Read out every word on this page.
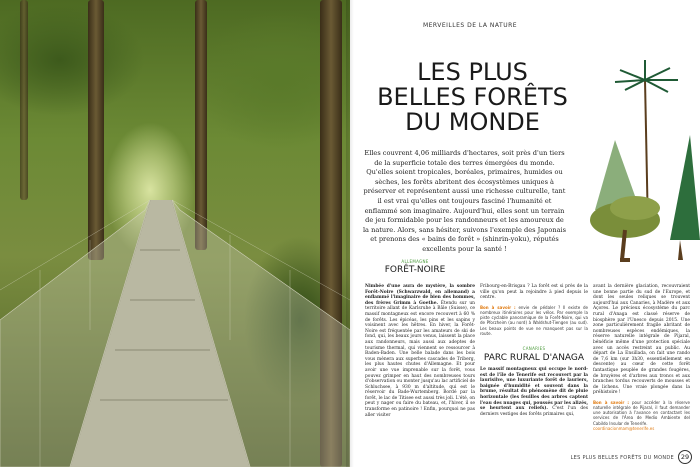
MERVEILLES DE LA NATURE
LES PLUS
BELLES FORÊTS
DU MONDE

Elles couvrent 4,06 milliards d'hectares, soit près d'un tiers de la superficie totale des terres émergées du monde. Qu'elles soient tropicales, boréales, primaires, humides ou sèches, les forêts abritent des écosystèmes uniques à préserver et représentent aussi une richesse culturelle, tant il est vrai qu'elles ont toujours fasciné l'humanité et enflammé son imaginaire. Aujourd'hui, elles sont un terrain de jeu formidable pour les randonneurs et les amoureux de la nature. Alors, sans hésiter, suivons l'exemple des Japonais et prenons des « bains de forêt » (shinrin-yoku), réputés excellents pour la santé !

ALLEMAGNE
FORÊT-NOIRE
Nimbée d'une aura de mystère, la sombre Forêt-Noire (Schwarzwald, en allemand) a enflammé l'imaginaire de bien des hommes, des frères Grimm à Goethe. Étendu sur un territoire allant de Karlsruhe à Bâle (Suisse), ce massif montagneux est encore recouvert à 60 % de forêts. Les épicéas, les pins et les sapins y voisinent avec les hêtres. En hiver, la Forêt-Noire est fréquentée par les amateurs de ski de fond, qui, les beaux jours venus, laissent la place aux randonneurs, mais aussi aux adeptes de tourisme thermal, qui viennent se ressourcer à Baden-Baden. Une belle balade dans les bois vous mènera aux superbes cascades de Triberg, les plus hautes chutes d'Allemagne. Et pour avoir une vue imprenable sur la forêt, vous pouvez grimper en haut des nombreuses tours d'observation ou monter jusqu'au lac artificiel de Schluchsee, à 930 m d'altitude, qui est le réservoir du Bade-Wurtemberg. Bordé par la forêt, le lac de Titisee est aussi très joli. L'été, on peut y nager ou faire du bateau, et, l'hiver, il se transforme en patinoire ! Enfin, pourquoi ne pas aller visiter
Fribourg-en-Brisgau ? La forêt est si près de la ville qu'on peut la rejoindre à pied depuis le centre.
Bon à savoir : envie de pédaler ? Il existe de nombreux itinéraires pour les vélos. Par exemple la piste cyclable panoramique de la Forêt-Noire, qui va de Pforzheim (au nord) à Waldshut-Tiengen (au sud). Les beaux points de vue ne manquent pas sur la route.
CANARIES
PARC RURAL D'ANAGA
Le massif montagneux qui occupe le nord-est de l'île de Tenerife est recouvert par la laurisilve, une luxuriante forêt de lauriers, baignée d'humidité et souvent dans la brume, résultat du phénomène dit de pluie horizontale (les feuilles des arbres captent l'eau des nuages qui, poussés par les alizés, se heurtent aux reliefs). C'est l'un des derniers vestiges des forêts primaires qui,
avant la dernière glaciation, recouvraient une bonne partie du sud de l'Europe, et dont les seules reliques se trouvent aujourd'hui aux Canaries, à Madère et aux Açores. Le précieux écosystème du parc rural d'Anaga est classé réserve de biosphère par l'Unesco depuis 2015. Une zone particulièrement fragile abritant de nombreuses espèces endémiques, la réserve naturelle intégrale de Pijaral, bénéficie même d'une protection spéciale avec un accès restreint au public. Au départ de La Ensillada, on fait une rando de 7,6 km (sur 3h30, essentiellement en descente) au cœur de cette forêt fantastique peuplée de grandes fougères, de bruyères et d'arbres aux troncs et aux branches tordus recouverts de mousses et de lichens. Une vraie plongée dans la préhistoire !
Bon à savoir : pour accéder à la réserve naturelle intégrale de Pijaral, il faut demander une autorisation à l'avance en contactant les services de l'Área de Medio Ambiente del Cabildo Insular de Tenerife.
coordinacionmam@tenerife.es
LES PLUS BELLES FORÊTS DU MONDE	29
